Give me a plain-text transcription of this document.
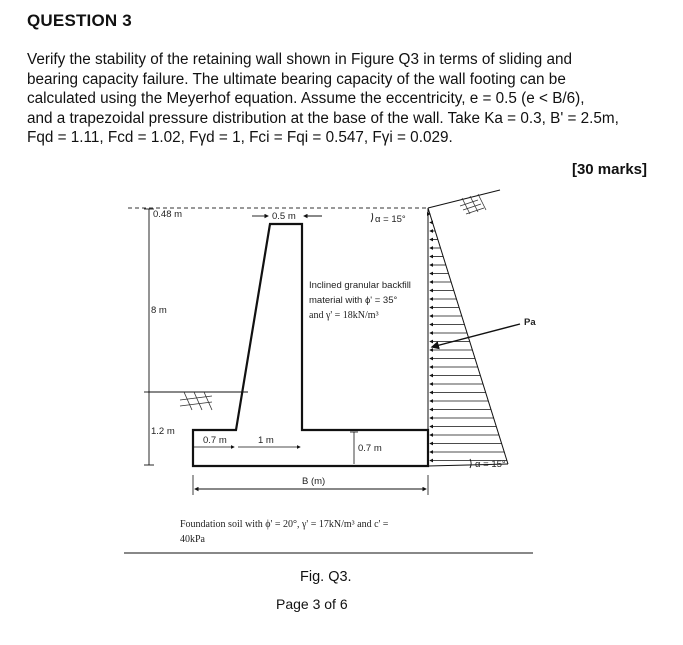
QUESTION 3
Verify the stability of the retaining wall shown in Figure Q3 in terms of sliding and
bearing capacity failure. The ultimate bearing capacity of the wall footing can be
calculated using the Meyerhof equation. Assume the eccentricity, e = 0.5 (e < B/6),
and a trapezoidal pressure distribution at the base of the wall. Take Ka = 0.3, B' = 2.5m,
Fqd = 1.11, Fcd = 1.02, Fγd = 1, Fci = Fqi = 0.547, Fγi = 0.029.
[30 marks]
Pa
0.48 m
8 m
1.2 m
0.5 m	α = 15°
0.7 m	1 m
0.7 m
α = 15°
B (m)
Inclined granular backfill
material with ϕ' = 35°
and γ' = 18kN/m³
Foundation soil with ϕ' = 20°, γ' = 17kN/m³ and c' =
40kPa
Fig. Q3.
Page 3 of 6
